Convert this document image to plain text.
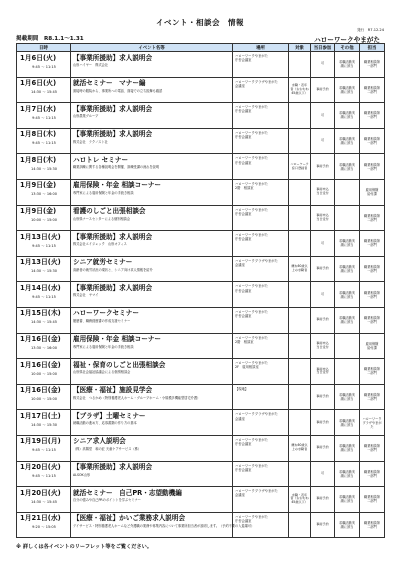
イベント・相談会　情報
発行　R7.12.24
掲載期間　R8.1.1～1.31	ハローワークやまがた
日時	イベント名等	場所	対象	当日参加	その他	担当

1月6日(火)
9:45 ～ 11:15	【事業所援助】求人説明会
山形ハイヤー　株式会社	ハローワークやまがた
庁舎会議室		可	求職活動実
績に該当	職業相談第
一部門

1月6日(火)
14:30 ～ 15:45	就活セミナー　マナー編
面接時の服装から、事業所への電話、面接での立ち振舞も確認	ハローワークプラザやまがた
会議室	求職・若年
者（おおむね
45歳以下）	事前予約	求職活動実
績に該当	職業相談第
二部門

1月7日(水)
9:45 ～ 11:15	【事業所援助】求人説明会
山形農業グループ	ハローワークやまがた
庁舎会議室		可	求職活動実
績に該当	職業相談第
一部門

1月8日(木)
9:45 ～ 11:15	【事業所援助】求人説明会
株式会社　テクノスト社	ハローワークやまがた
庁舎会議室		可	求職活動実
績に該当	職業相談第
一部門

1月8日(木)
14:30 ～ 15:30	ハロトレ セミナー
職業訓練に関する各種説明会を開催、訓練受講の流れを説明	ハローワークやまがた
庁舎会議室	ハローワーク
窓口登録者	事前予約	求職活動実
績に該当	職業相談第
一部門

1月9日(金)
13:30 ～ 16:00	雇用保険・年金 相談コーナー
専門家による雇用保険と年金の手続き相談	ハローワークやまがた
2階　相談室		事前申込
当日受付		雇用保険
給付課

1月9日(金)
10:00 ～ 15:00	看護のしごと出張相談会
山形県ナースセンターによる個別相談会	ハローワークやまがた
庁舎会議室		事前申込
当日受付		職業相談第
二部門

1月13日(火)
9:45 ～ 11:15	【事業所援助】求人説明会
株式会社エイジェック　山形オフィス	ハローワークやまがた
庁舎会議室		可	求職活動実
績に該当	職業相談第
一部門

1月13日(火)
14:30 ～ 15:30	シニア就労セミナー
高齢者の就労状況の現状と、シニア向け求人情報を紹介	ハローワークプラザやまがた
会議室	概ね60歳以
上の求職者	事前予約	求職活動実
績に該当	職業相談第
一部門

1月14日(水)
9:45 ～ 11:15	【事業所援助】求人説明会
株式会社　ヤマイ	ハローワークやまがた
庁舎会議室		可	求職活動実
績に該当	職業相談第
一部門

1月15日(木)
14:30 ～ 15:45	ハローワークセミナー
履歴書、職務経歴書の作成支援セミナー	ハローワークやまがた
庁舎会議室		事前予約	求職活動実
績に該当	職業相談第
一部門

1月16日(金)
13:30 ～ 16:00	雇用保険・年金 相談コーナー
専門家による雇用保険と年金の手続き相談	ハローワークやまがた
2階　相談室		事前申込
当日受付		雇用保険
給付課

1月16日(金)
10:00 ～ 15:00	福祉・保育のしごと出張相談会
山形県社会福祉協議会による個別相談会	ハローワークやまがた
2F　雇用相談室		事前申込
当日受付		職業相談第
二部門

1月16日(金)
10:00 ～ 15:00	【医療・福祉】施設見学会
株式会社　つるかめ（特別養護老人ホーム・グループホーム・小規模多機能型居宅介護）	【現地】		事前予約	求職活動実
績に該当	職業相談第
二部門

1月17日(土)
14:30 ～ 15:30	【プラザ】土曜セミナー
就職活動の進め方、応募書類の作り方の基本	ハローワークプラザやまがた
会議室		事前予約	求職活動実
績に該当	ハローワーク
プラザやまが
た

1月19日(月)
9:45 ～ 11:15	シニア求人説明会
（株）高陽堂　和の匠 天童ケアサービス（株）	ハローワークやまがた
庁舎会議室	概ね60歳以
上の求職者	事前予約	求職活動実
績に該当	職業相談第
一部門

1月20日(火)
9:45 ～ 11:15	【事業所援助】求人説明会
ALSOK山形	ハローワークやまがた
庁舎会議室		可	求職活動実
績に該当	職業相談第
一部門

1月20日(火)
14:30 ～ 15:45	就活セミナー　自己PR・志望動機編
自分の強みや自己PRのポイントを学ぶセミナー	ハローワークプラザやまがた
会議室	求職・若年
者（おおむね
45歳以下）	事前予約	求職活動実
績に該当	職業相談第
二部門

1月21日(水)
9:20 ～ 15:05	【医療・福祉】かいご業務求人説明会
デイサービス・特別養護老人ホームなど介護職の業務や募集内容について事業所担当者が説明します。（予約不要の入退場可）	ハローワークやまがた
庁舎会議室		事前予約	求職活動実
績に該当	職業相談第
二部門
※ 詳しくは各イベントのリーフレット等をご覧ください。
